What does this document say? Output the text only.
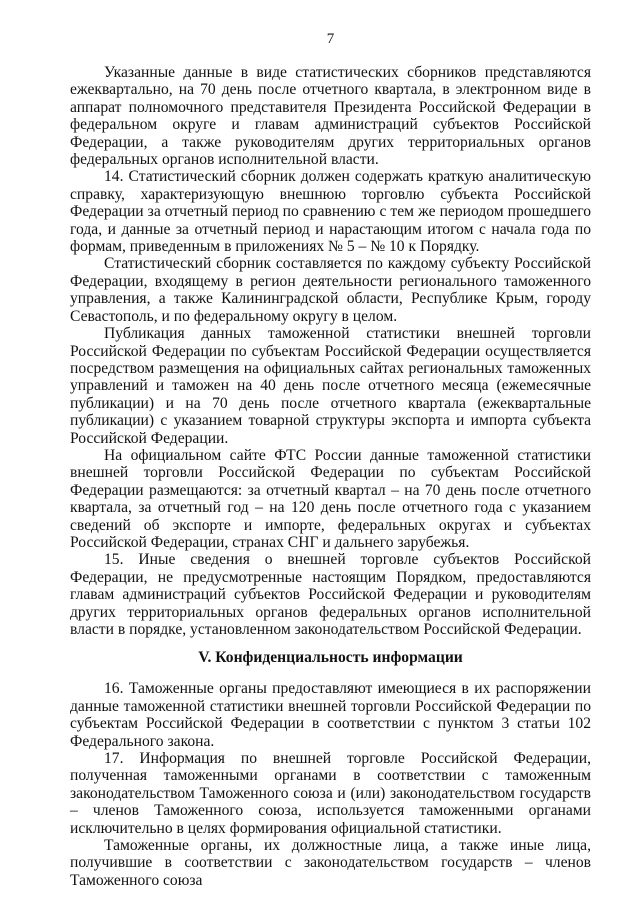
7

Указанные данные в виде статистических сборников представляются ежеквартально, на 70 день после отчетного квартала, в электронном виде в аппарат полномочного представителя Президента Российской Федерации в федеральном округе и главам администраций субъектов Российской Федерации, а также руководителям других территориальных органов федеральных органов исполнительной власти.

14. Статистический сборник должен содержать краткую аналитическую справку, характеризующую внешнюю торговлю субъекта Российской Федерации за отчетный период по сравнению с тем же периодом прошедшего года, и данные за отчетный период и нарастающим итогом с начала года по формам, приведенным в приложениях № 5 – № 10 к Порядку.

Статистический сборник составляется по каждому субъекту Российской Федерации, входящему в регион деятельности регионального таможенного управления, а также Калининградской области, Республике Крым, городу Севастополь, и по федеральному округу в целом.

Публикация данных таможенной статистики внешней торговли Российской Федерации по субъектам Российской Федерации осуществляется посредством размещения на официальных сайтах региональных таможенных управлений и таможен на 40 день после отчетного месяца (ежемесячные публикации) и на 70 день после отчетного квартала (ежеквартальные публикации) с указанием товарной структуры экспорта и импорта субъекта Российской Федерации.

На официальном сайте ФТС России данные таможенной статистики внешней торговли Российской Федерации по субъектам Российской Федерации размещаются: за отчетный квартал – на 70 день после отчетного квартала, за отчетный год – на 120 день после отчетного года с указанием сведений об экспорте и импорте, федеральных округах и субъектах Российской Федерации, странах СНГ и дальнего зарубежья.

15. Иные сведения о внешней торговле субъектов Российской Федерации, не предусмотренные настоящим Порядком, предоставляются главам администраций субъектов Российской Федерации и руководителям других территориальных органов федеральных органов исполнительной власти в порядке, установленном законодательством Российской Федерации.

V. Конфиденциальность информации

16. Таможенные органы предоставляют имеющиеся в их распоряжении данные таможенной статистики внешней торговли Российской Федерации по субъектам Российской Федерации в соответствии с пунктом 3 статьи 102 Федерального закона.

17. Информация по внешней торговле Российской Федерации, полученная таможенными органами в соответствии с таможенным законодательством Таможенного союза и (или) законодательством государств – членов Таможенного союза, используется таможенными органами исключительно в целях формирования официальной статистики.

Таможенные органы, их должностные лица, а также иные лица, получившие в соответствии с законодательством государств – членов Таможенного союза
